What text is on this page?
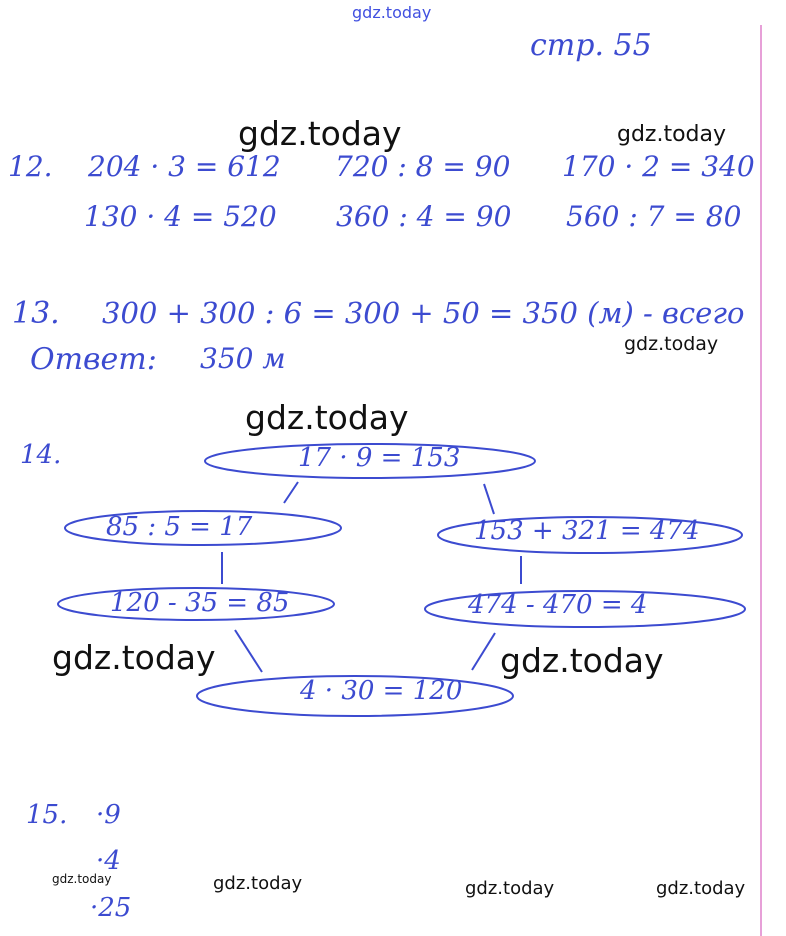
gdz.today
стр. 55
gdz.today	gdz.today
12. 204 · 3 = 612 720 : 8 = 90 170 · 2 = 340
130 · 4 = 520 360 : 4 = 90 560 : 7 = 80
13. 300 + 300 : 6 = 300 + 50 = 350 (м) - всего
gdz.today
Ответ: 350 м
gdz.today
14.	17 · 9 = 153
85 : 5 = 17	153 + 321 = 474
120 - 35 = 85	474 - 470 = 4
4 · 30 = 120
gdz.today	gdz.today
15. ·9
·4
·25
gdz.today	gdz.today	gdz.today	gdz.today
